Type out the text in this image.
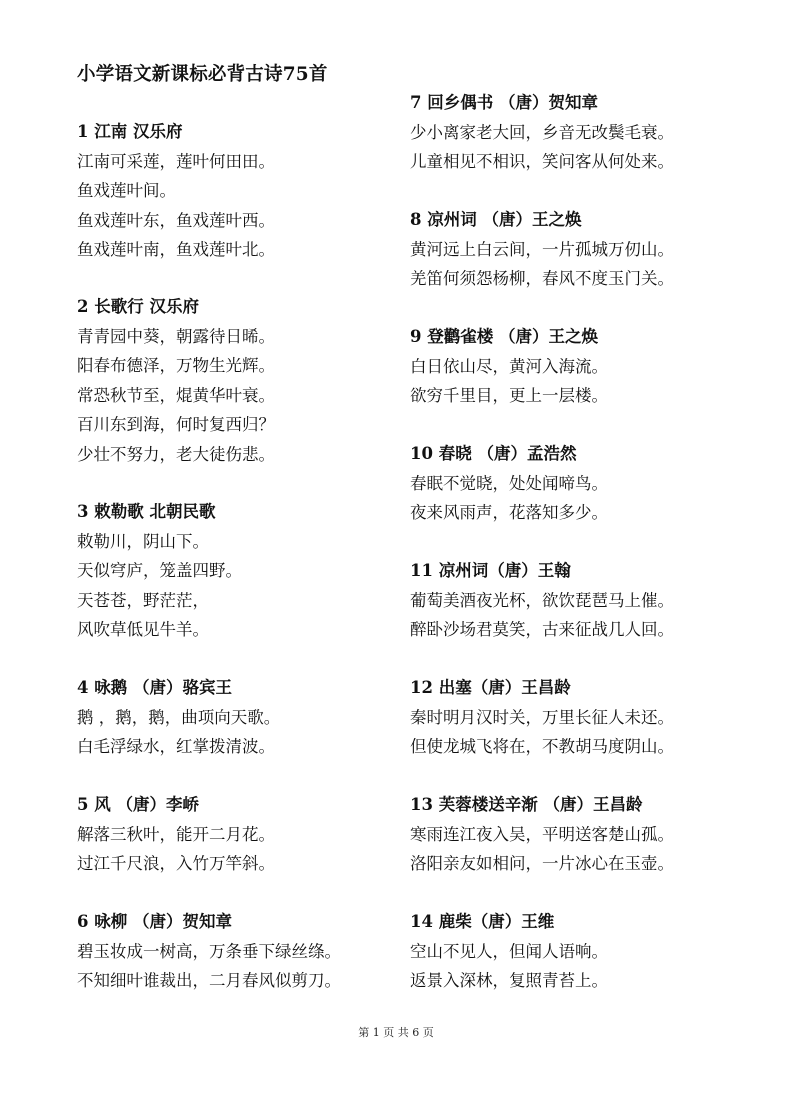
小学语文新课标必背古诗75首
1 江南 汉乐府
江南可采莲，莲叶何田田。
鱼戏莲叶间。
鱼戏莲叶东，鱼戏莲叶西。
鱼戏莲叶南，鱼戏莲叶北。
2 长歌行 汉乐府
青青园中葵，朝露待日晞。
阳春布德泽，万物生光辉。
常恐秋节至，焜黄华叶衰。
百川东到海，何时复西归？
少壮不努力，老大徒伤悲。
3 敕勒歌 北朝民歌
敕勒川，阴山下。
天似穹庐，笼盖四野。
天苍苍，野茫茫，
风吹草低见牛羊。
4 咏鹅 （唐）骆宾王
鹅 ，鹅，鹅，曲项向天歌。
白毛浮绿水，红掌拨清波。
5 风 （唐）李峤
解落三秋叶，能开二月花。
过江千尺浪，入竹万竿斜。
6 咏柳 （唐）贺知章
碧玉妆成一树高，万条垂下绿丝绦。
不知细叶谁裁出，二月春风似剪刀。
7 回乡偶书 （唐）贺知章
少小离家老大回，乡音无改鬓毛衰。
儿童相见不相识，笑问客从何处来。
8 凉州词 （唐）王之焕
黄河远上白云间，一片孤城万仞山。
羌笛何须怨杨柳，春风不度玉门关。
9 登鹳雀楼 （唐）王之焕
白日依山尽，黄河入海流。
欲穷千里目，更上一层楼。
10 春晓 （唐）孟浩然
春眠不觉晓，处处闻啼鸟。
夜来风雨声，花落知多少。
11 凉州词（唐）王翰
葡萄美酒夜光杯，欲饮琵琶马上催。
醉卧沙场君莫笑，古来征战几人回。
12 出塞（唐）王昌龄
秦时明月汉时关，万里长征人未还。
但使龙城飞将在，不教胡马度阴山。
13 芙蓉楼送辛渐 （唐）王昌龄
寒雨连江夜入吴，平明送客楚山孤。
洛阳亲友如相问，一片冰心在玉壶。
14 鹿柴（唐）王维
空山不见人，但闻人语响。
返景入深林，复照青苔上。
第 1 页 共 6 页
